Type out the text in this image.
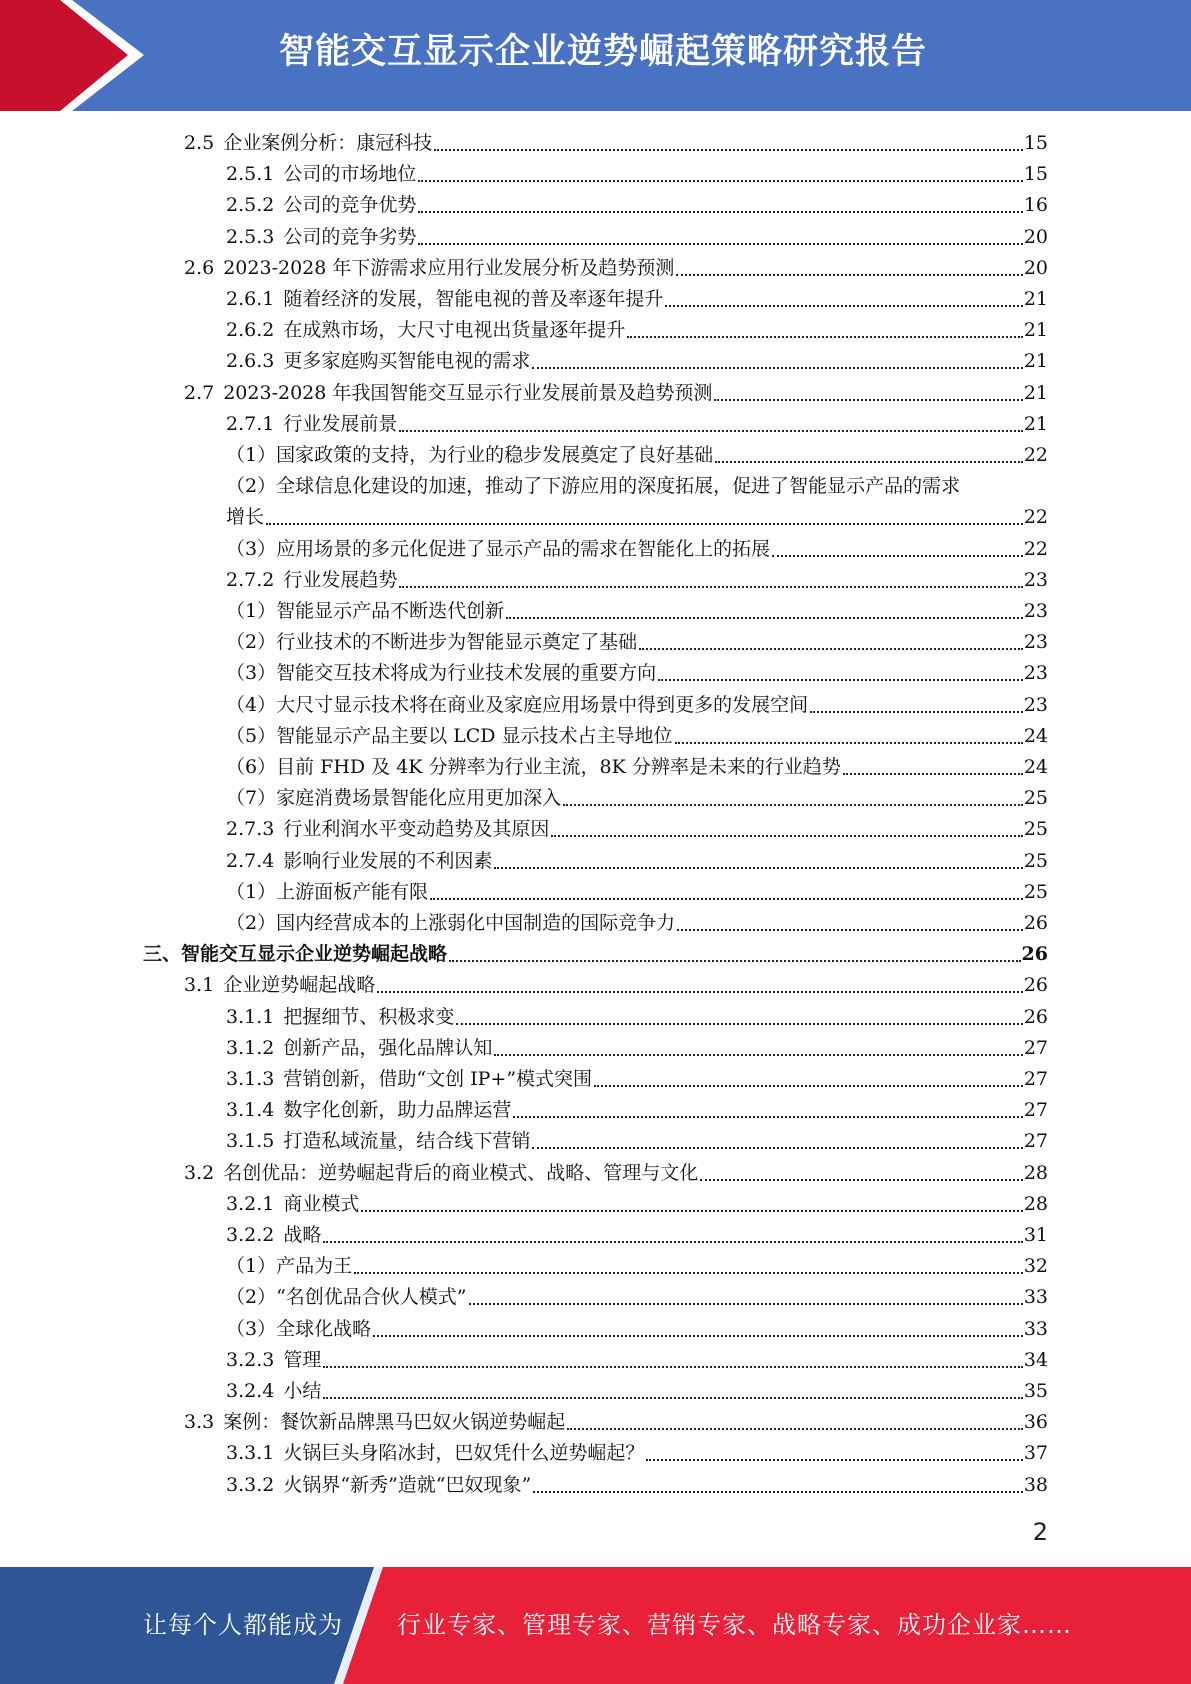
智能交互显示企业逆势崛起策略研究报告
2.5 企业案例分析：康冠科技	15
2.5.1 公司的市场地位	15
2.5.2 公司的竞争优势	16
2.5.3 公司的竞争劣势	20
2.6 2023-2028 年下游需求应用行业发展分析及趋势预测	20
2.6.1 随着经济的发展，智能电视的普及率逐年提升	21
2.6.2 在成熟市场，大尺寸电视出货量逐年提升	21
2.6.3 更多家庭购买智能电视的需求	21
2.7 2023-2028 年我国智能交互显示行业发展前景及趋势预测	21
2.7.1 行业发展前景	21
（1） 国家政策的支持，为行业的稳步发展奠定了良好基础	22
（2） 全球信息化建设的加速，推动了下游应用的深度拓展，促进了智能显示产品的需求
增长	22
（3） 应用场景的多元化促进了显示产品的需求在智能化上的拓展	22
2.7.2 行业发展趋势	23
（1） 智能显示产品不断迭代创新	23
（2） 行业技术的不断进步为智能显示奠定了基础	23
（3） 智能交互技术将成为行业技术发展的重要方向	23
（4） 大尺寸显示技术将在商业及家庭应用场景中得到更多的发展空间	23
（5） 智能显示产品主要以 LCD 显示技术占主导地位	24
（6） 目前 FHD 及 4K 分辨率为行业主流，8K 分辨率是未来的行业趋势	24
（7） 家庭消费场景智能化应用更加深入	25
2.7.3 行业利润水平变动趋势及其原因	25
2.7.4 影响行业发展的不利因素	25
（1） 上游面板产能有限	25
（2） 国内经营成本的上涨弱化中国制造的国际竞争力	26
三、 智能交互显示企业逆势崛起战略	26
3.1 企业逆势崛起战略	26
3.1.1 把握细节、积极求变	26
3.1.2 创新产品，强化品牌认知	27
3.1.3 营销创新，借助“文创 IP+”模式突围	27
3.1.4 数字化创新，助力品牌运营	27
3.1.5 打造私域流量，结合线下营销	27
3.2 名创优品：逆势崛起背后的商业模式、战略、管理与文化	28
3.2.1 商业模式	28
3.2.2 战略	31
（1） 产品为王	32
（2） “名创优品合伙人模式”	33
（3） 全球化战略	33
3.2.3 管理	34
3.2.4 小结	35
3.3 案例：餐饮新品牌黑马巴奴火锅逆势崛起	36
3.3.1 火锅巨头身陷冰封，巴奴凭什么逆势崛起？	37
3.3.2 火锅界“新秀”造就“巴奴现象”	38
2
让每个人都能成为 行业专家、管理专家、营销专家、战略专家、成功企业家……
